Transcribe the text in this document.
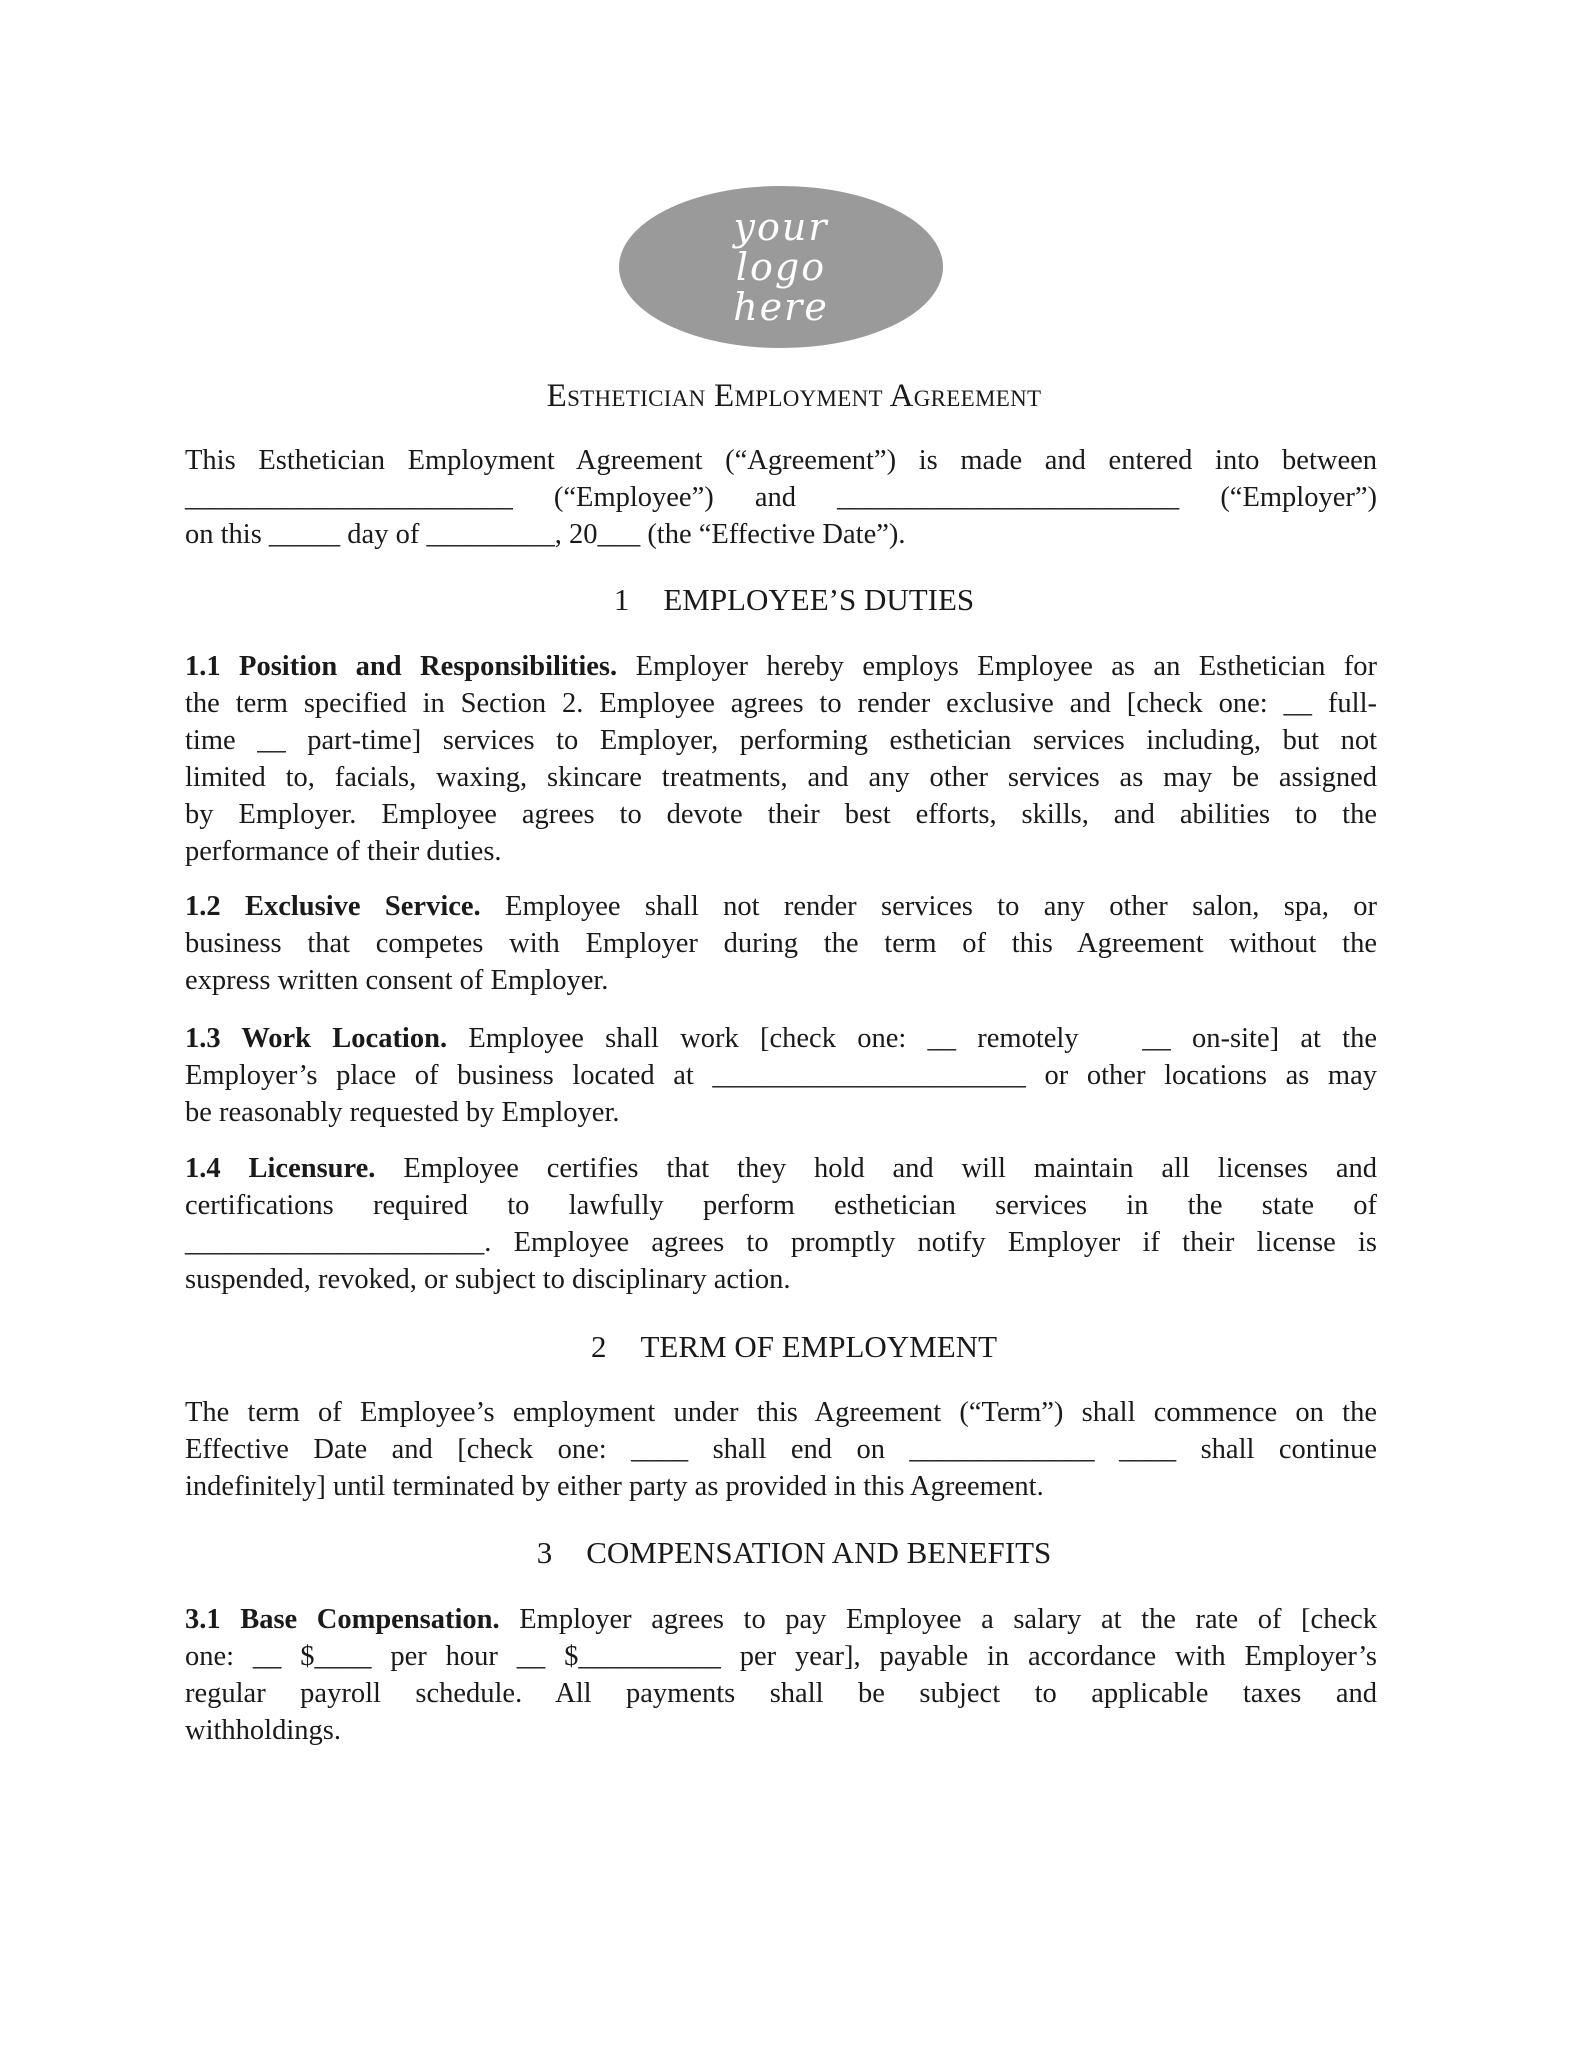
your
logo
here
Esthetician Employment Agreement
This Esthetician Employment Agreement (“Agreement”) is made and entered into between
_______________________ (“Employee”) and ________________________ (“Employer”)
on this _____ day of _________, 20___ (the “Effective Date”).
1 EMPLOYEE’S DUTIES
1.1 Position and Responsibilities. Employer hereby employs Employee as an Esthetician for
the term specified in Section 2. Employee agrees to render exclusive and [check one: __ full-
time __ part-time] services to Employer, performing esthetician services including, but not
limited to, facials, waxing, skincare treatments, and any other services as may be assigned
by Employer. Employee agrees to devote their best efforts, skills, and abilities to the
performance of their duties.
1.2 Exclusive Service. Employee shall not render services to any other salon, spa, or
business that competes with Employer during the term of this Agreement without the
express written consent of Employer.
1.3 Work Location. Employee shall work [check one: __ remotely   __ on-site] at the
Employer’s place of business located at ______________________ or other locations as may
be reasonably requested by Employer.
1.4 Licensure. Employee certifies that they hold and will maintain all licenses and
certifications required to lawfully perform esthetician services in the state of
_____________________. Employee agrees to promptly notify Employer if their license is
suspended, revoked, or subject to disciplinary action.
2 TERM OF EMPLOYMENT
The term of Employee’s employment under this Agreement (“Term”) shall commence on the
Effective Date and [check one: ____ shall end on _____________ ____ shall continue
indefinitely] until terminated by either party as provided in this Agreement.
3 COMPENSATION AND BENEFITS
3.1 Base Compensation. Employer agrees to pay Employee a salary at the rate of [check
one: __ $____ per hour __ $__________ per year], payable in accordance with Employer’s
regular payroll schedule. All payments shall be subject to applicable taxes and
withholdings.
